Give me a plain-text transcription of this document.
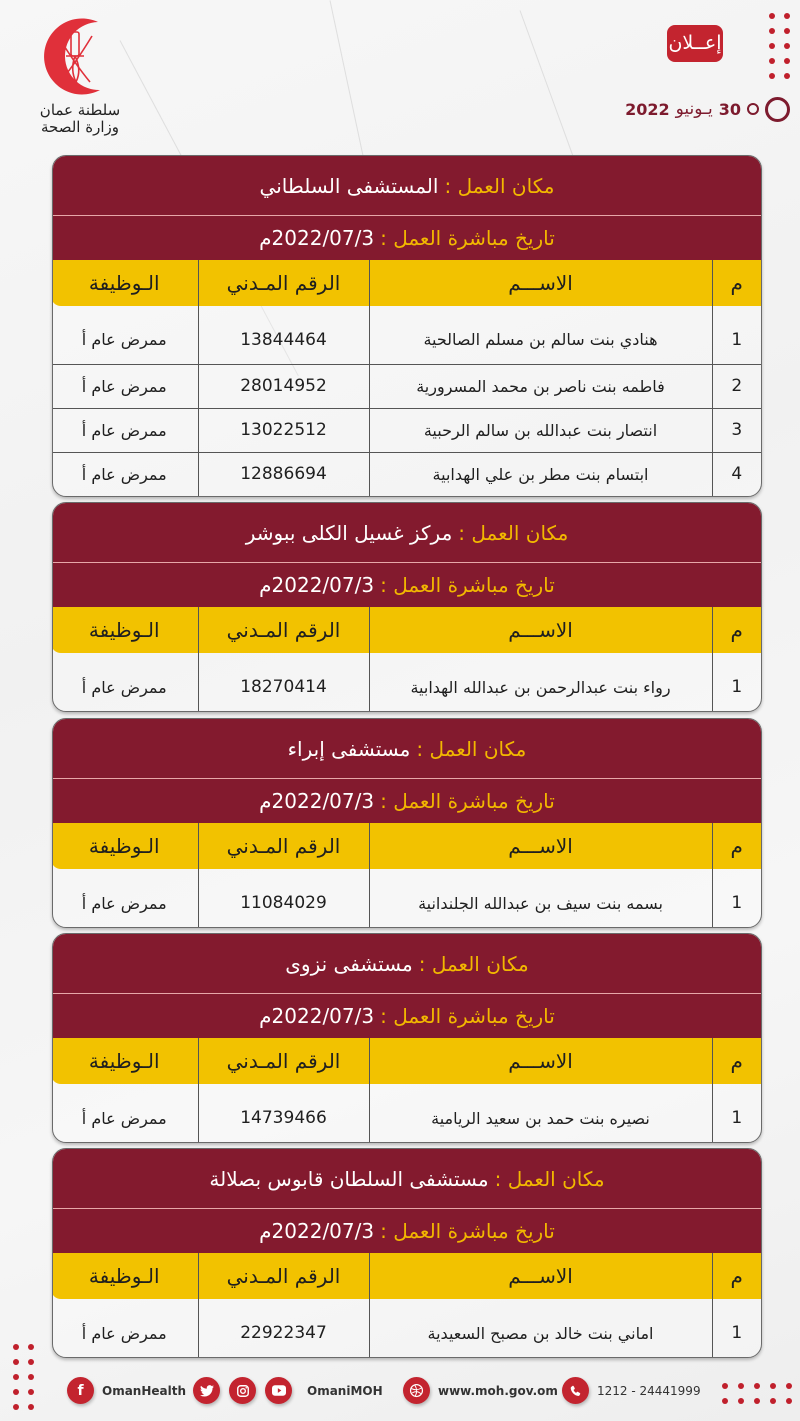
سلطنة عمان
وزارة الصحة
إعــلان
2022 يـونيو 30
مكان العمل :
المستشفى السلطاني
تاريخ مباشرة العمل :
2022/07/3م
م	الاســـم	الرقم المـدني	الـوظيفة
1	هنادي بنت سالم بن مسلم الصالحية	13844464	ممرض عام أ
2	فاطمه بنت ناصر بن محمد المسرورية	28014952	ممرض عام أ
3	انتصار بنت عبدالله بن سالم الرحبية	13022512	ممرض عام أ
4	ابتسام بنت مطر بن علي الهدابية	12886694	ممرض عام أ
مكان العمل :
مركز غسيل الكلى ببوشر
تاريخ مباشرة العمل :
2022/07/3م
م	الاســـم	الرقم المـدني	الـوظيفة
1	رواء بنت عبدالرحمن بن عبدالله الهدابية	18270414	ممرض عام أ
مكان العمل :
مستشفى إبراء
تاريخ مباشرة العمل :
2022/07/3م
م	الاســـم	الرقم المـدني	الـوظيفة
1	بسمه بنت سيف بن عبدالله الجلندانية	11084029	ممرض عام أ
مكان العمل :
مستشفى نزوى
تاريخ مباشرة العمل :
2022/07/3م
م	الاســـم	الرقم المـدني	الـوظيفة
1	نصيره بنت حمد بن سعيد الريامية	14739466	ممرض عام أ
مكان العمل :
مستشفى السلطان قابوس بصلالة
تاريخ مباشرة العمل :
2022/07/3م
م	الاســـم	الرقم المـدني	الـوظيفة
1	اماني بنت خالد بن مصبح السعيدية	22922347	ممرض عام أ
f	OmanHealth	OmaniMOH	www.moh.gov.om	1212 - 24441999
